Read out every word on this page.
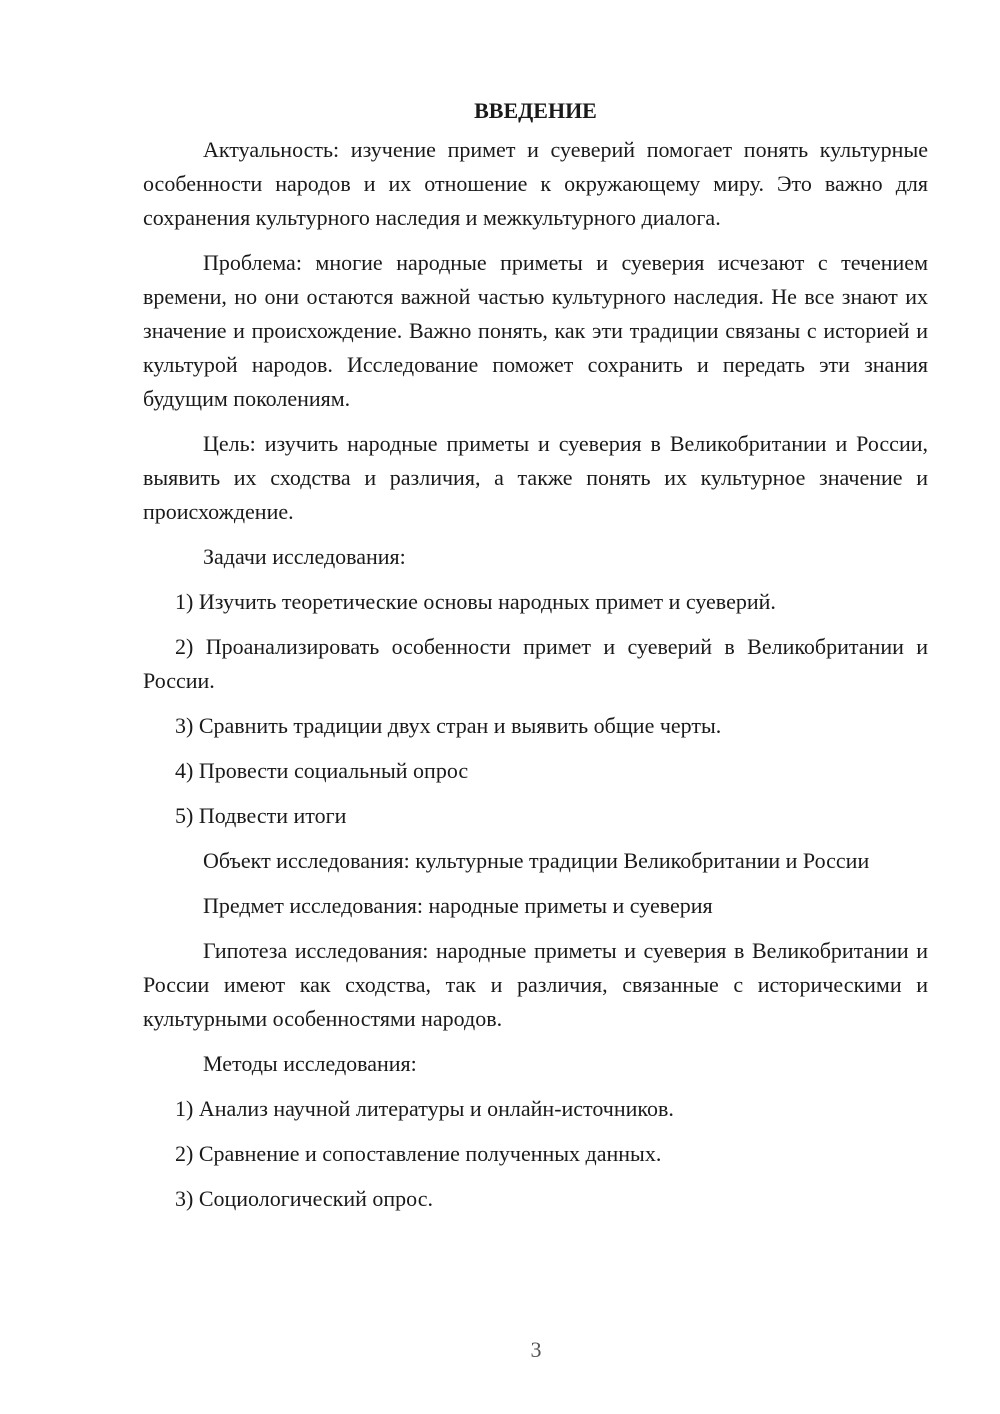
ВВЕДЕНИЕ
Актуальность: изучение примет и суеверий помогает понять культурные особенности народов и их отношение к окружающему миру. Это важно для сохранения культурного наследия и межкультурного диалога.
Проблема: многие народные приметы и суеверия исчезают с течением времени, но они остаются важной частью культурного наследия. Не все знают их значение и происхождение. Важно понять, как эти традиции связаны с историей и культурой народов. Исследование поможет сохранить и передать эти знания будущим поколениям.
Цель: изучить народные приметы и суеверия в Великобритании и России, выявить их сходства и различия, а также понять их культурное значение и происхождение.
Задачи исследования:
1) Изучить теоретические основы народных примет и суеверий.
2) Проанализировать особенности примет и суеверий в Великобритании и России.
3) Сравнить традиции двух стран и выявить общие черты.
4) Провести социальный опрос
5) Подвести итоги
Объект исследования: культурные традиции Великобритании и России
Предмет исследования: народные приметы и суеверия
Гипотеза исследования: народные приметы и суеверия в Великобритании и России имеют как сходства, так и различия, связанные с историческими и культурными особенностями народов.
Методы исследования:
1) Анализ научной литературы и онлайн-источников.
2) Сравнение и сопоставление полученных данных.
3) Социологический опрос.
3
